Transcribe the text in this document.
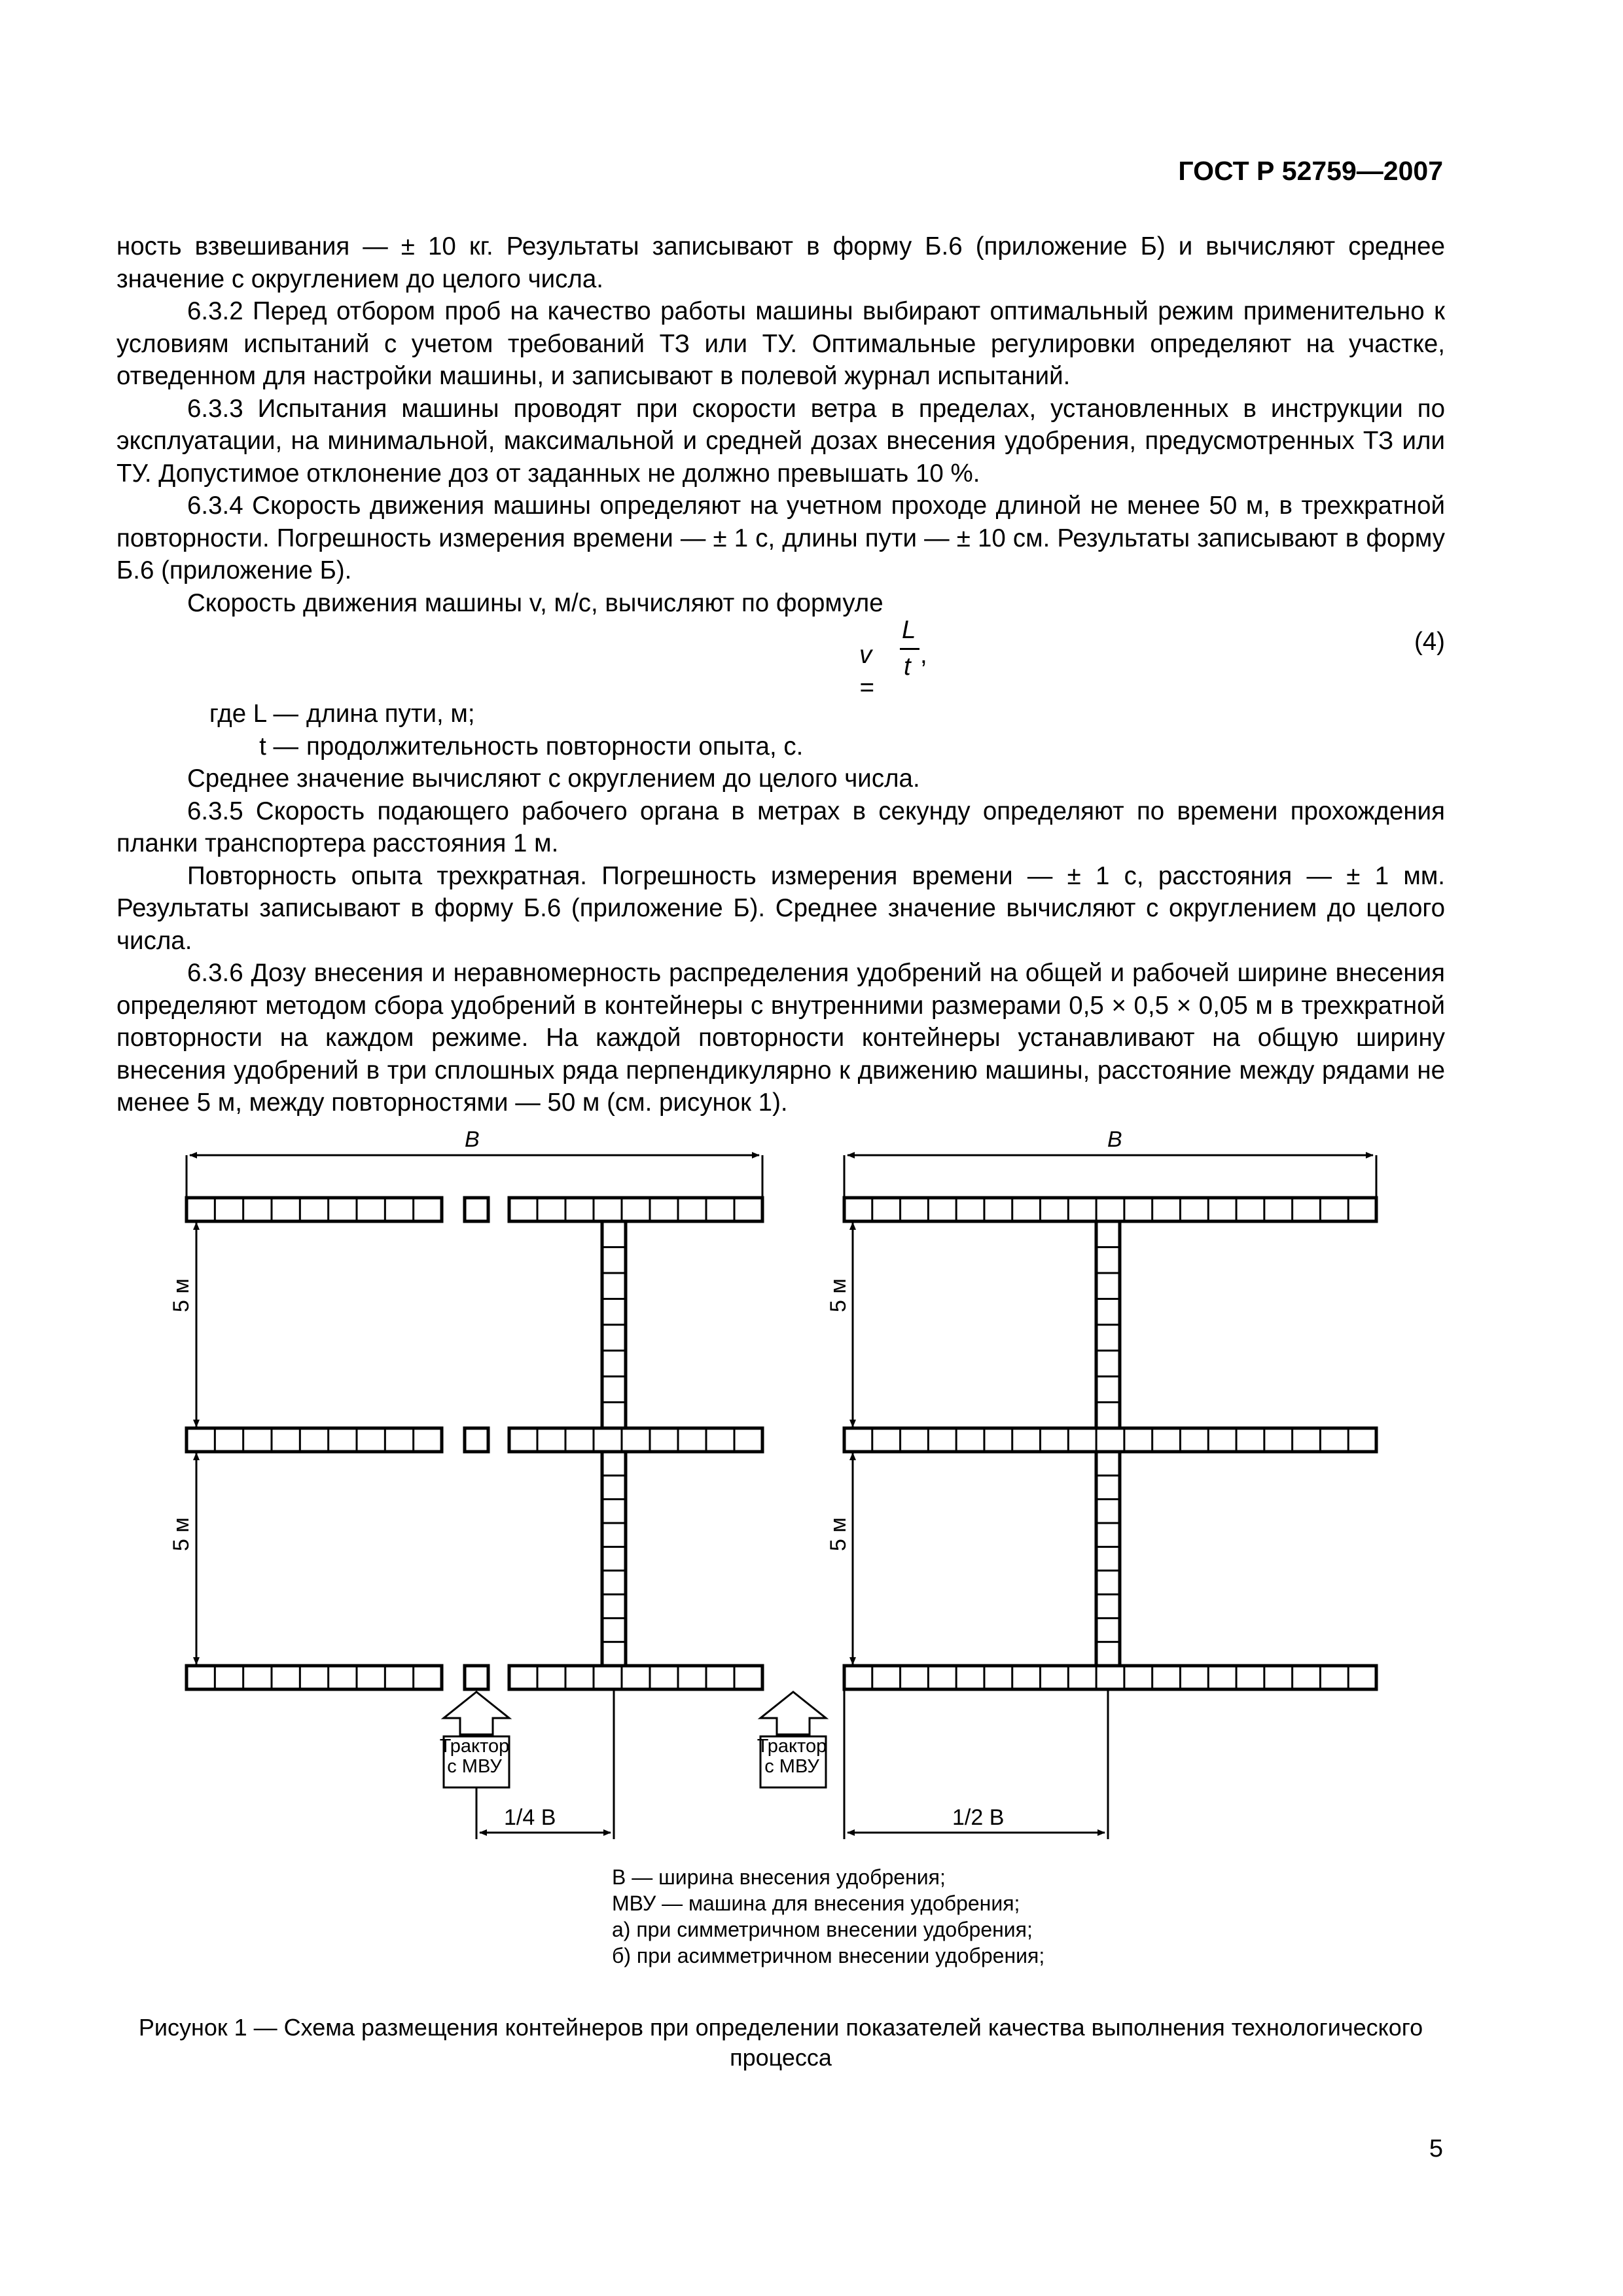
ГОСТ Р 52759—2007

ность взвешивания — ± 10 кг. Результаты записывают в форму Б.6 (приложение Б) и вычисляют среднее значение с округлением до целого числа.

6.3.2 Перед отбором проб на качество работы машины выбирают оптимальный режим применительно к условиям испытаний с учетом требований ТЗ или ТУ. Оптимальные регулировки определяют на участке, отведенном для настройки машины, и записывают в полевой журнал испытаний.

6.3.3 Испытания машины проводят при скорости ветра в пределах, установленных в инструкции по эксплуатации, на минимальной, максимальной и средней дозах внесения удобрения, предусмотренных ТЗ или ТУ. Допустимое отклонение доз от заданных не должно превышать 10 %.

6.3.4 Скорость движения машины определяют на учетном проходе длиной не менее 50 м, в трехкратной повторности. Погрешность измерения времени — ± 1 с, длины пути — ± 10 см. Результаты записывают в форму Б.6 (приложение Б).

Скорость движения машины v, м/с, вычисляют по формуле

v =
L
t ,	(4)
где L — длина пути, м;
t — продолжительность повторности опыта, с.

Среднее значение вычисляют с округлением до целого числа.

6.3.5 Скорость подающего рабочего органа в метрах в секунду определяют по времени прохождения планки транспортера расстояния 1 м.

Повторность опыта трехкратная. Погрешность измерения времени — ± 1 с, расстояния — ± 1 мм. Результаты записывают в форму Б.6 (приложение Б). Среднее значение вычисляют с округлением до целого числа.

6.3.6 Дозу внесения и неравномерность распределения удобрений на общей и рабочей ширине внесения определяют методом сбора удобрений в контейнеры с внутренними размерами 0,5 × 0,5 × 0,05 м в трехкратной повторности на каждом режиме. На каждой повторности контейнеры устанавливают на общую ширину внесения удобрений в три сплошных ряда перпендикулярно к движению машины, расстояние между рядами не менее 5 м, между повторностями — 50 м (см. рисунок 1).

B	B
5 м
5 м
5 м
5 м
Трактор
с МВУ
Трактор
с МВУ
1/4 B	1/2 B
В — ширина внесения удобрения;
МВУ — машина для внесения удобрения;
а) при симметричном внесении удобрения;
б) при асимметричном внесении удобрения;
Рисунок 1 — Схема размещения контейнеров при определении показателей качества выполнения технологического процесса
5
